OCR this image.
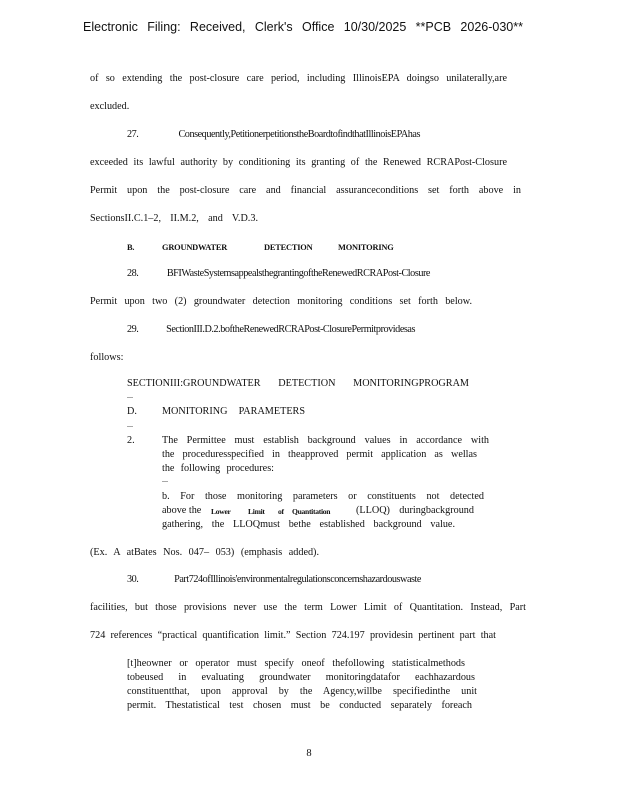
Electronic Filing: Received, Clerk's Office 10/30/2025 **PCB 2026-030**
of so extending the post-closure care period, including IllinoisEPA doingso unilaterally,are
excluded.
27. Consequently,PetitionerpetitionstheBoardtofindthatIllinoisEPAhas
exceeded its lawful authority by conditioning its granting of the Renewed RCRAPost-Closure
Permit upon the post-closure care and financial assuranceconditions set forth above in
SectionsII.C.1–2, II.M.2, and V.D.3.
B.	GROUNDWATER	DETECTION	MONITORING
28. BFIWasteSystemsappealsthegrantingoftheRenewedRCRAPost-Closure
Permit upon two (2) groundwater detection monitoring conditions set forth below.
29. SectionIII.D.2.boftheRenewedRCRAPost-ClosurePermitprovidesas
follows:
SECTIONIII:GROUNDWATER DETECTION MONITORINGPROGRAM
...
D. MONITORING PARAMETERS
...
2.	The Permittee must establish background values in accordance with
the proceduresspecified in theapproved permit application as wellas
the following procedures:
...
b. For those monitoring parameters or constituents not detected
above the Lower Limit of Quantitation	(LLOQ) duringbackground
gathering, the LLOQmust bethe established background value.
(Ex. A atBates Nos. 047– 053) (emphasis added).
30. Part724ofIllinois'environmentalregulationsconcernshazardouswaste
facilities, but those provisions never use the term Lower Limit of Quantitation. Instead, Part
724 references “practical quantification limit.” Section 724.197 providesin pertinent part that
[t]heowner or operator must specify oneof thefollowing statisticalmethods
tobeused in evaluating groundwater monitoringdatafor eachhazardous
constituentthat, upon approval by the Agency,willbe specifiedinthe unit
permit. Thestatistical test chosen must be conducted separately foreach
8
